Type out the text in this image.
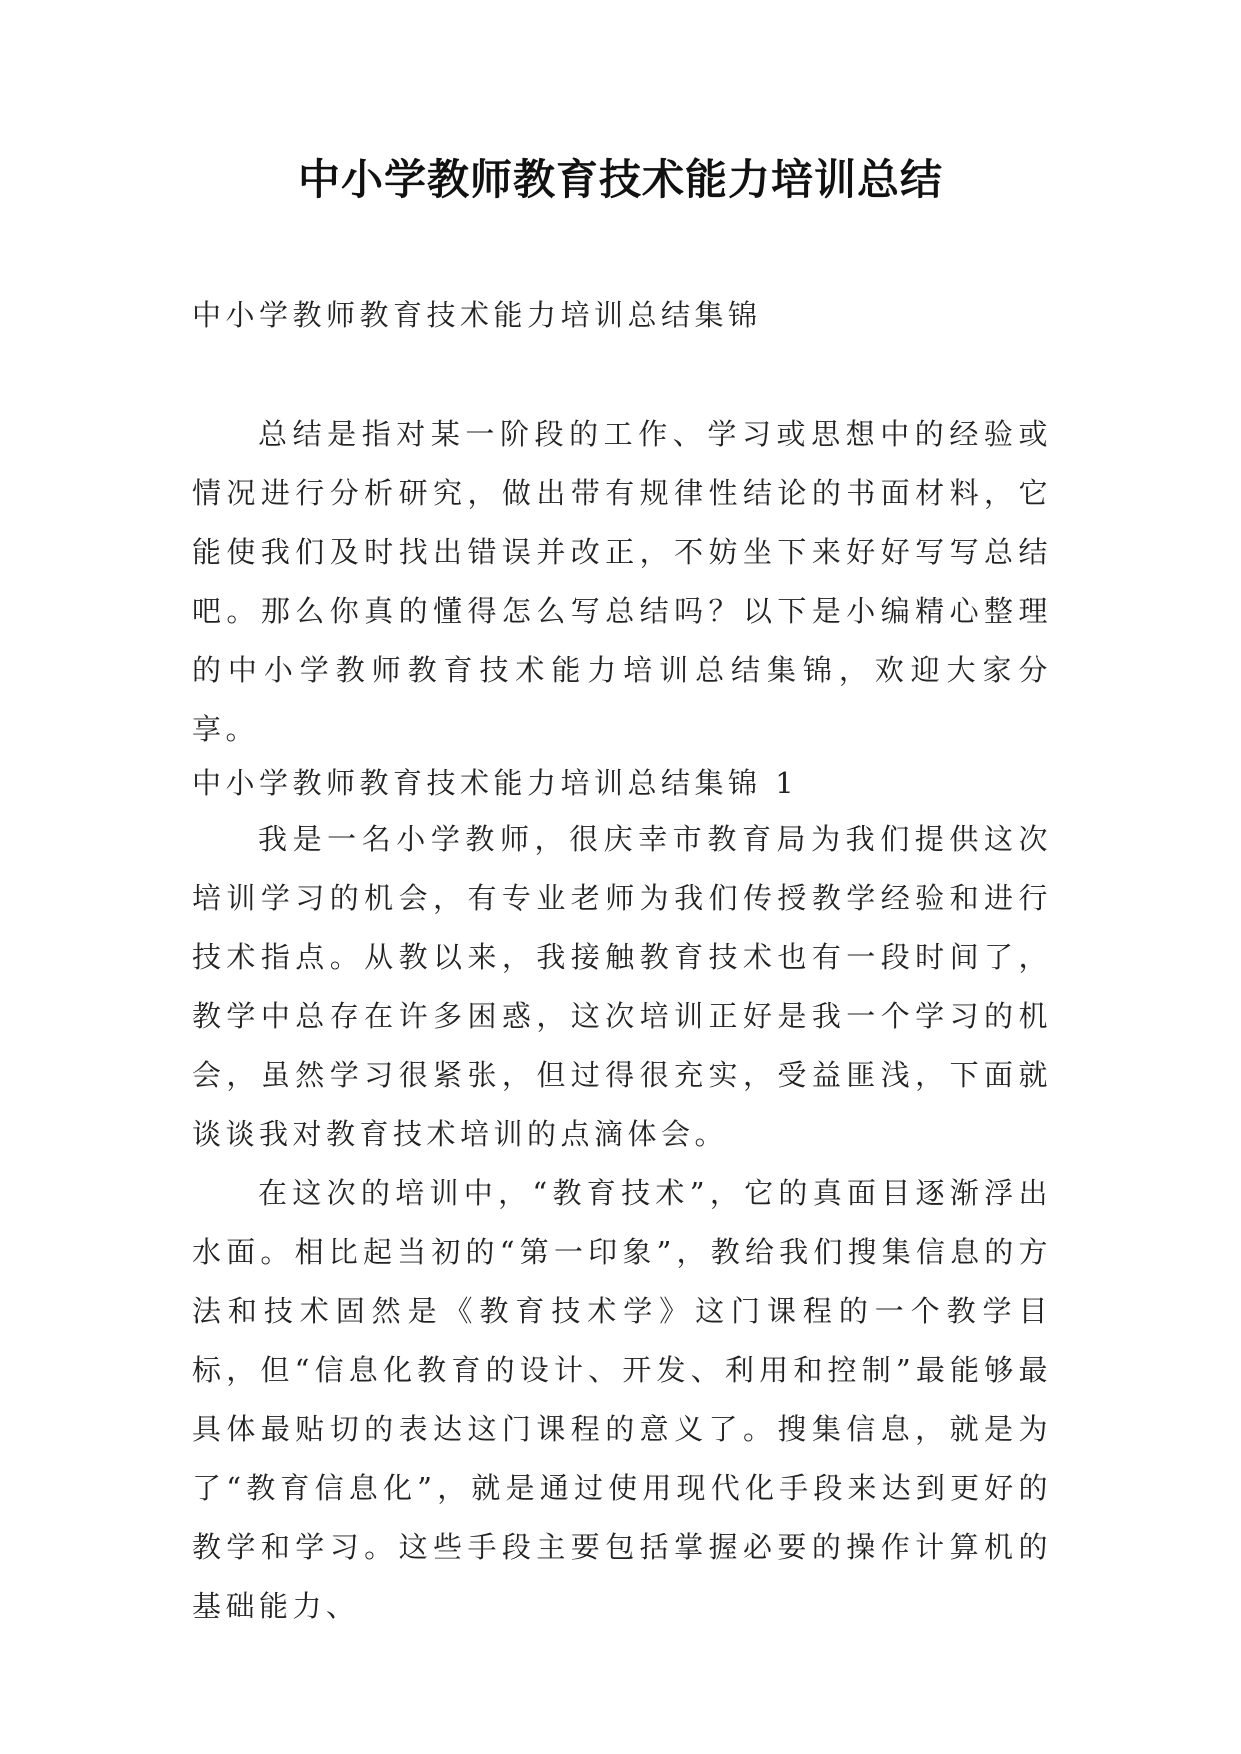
中小学教师教育技术能力培训总结
中小学教师教育技术能力培训总结集锦

总结是指对某一阶段的工作、学习或思想中的经验或情况进行分析研究，做出带有规律性结论的书面材料，它能使我们及时找出错误并改正，不妨坐下来好好写写总结吧。那么你真的懂得怎么写总结吗？以下是小编精心整理的中小学教师教育技术能力培训总结集锦，欢迎大家分享。

中小学教师教育技术能力培训总结集锦 1

我是一名小学教师，很庆幸市教育局为我们提供这次培训学习的机会，有专业老师为我们传授教学经验和进行技术指点。从教以来，我接触教育技术也有一段时间了，教学中总存在许多困惑，这次培训正好是我一个学习的机会，虽然学习很紧张，但过得很充实，受益匪浅，下面就谈谈我对教育技术培训的点滴体会。

在这次的培训中，“教育技术”，它的真面目逐渐浮出水面。相比起当初的“第一印象”，教给我们搜集信息的方法和技术固然是《教育技术学》这门课程的一个教学目标，但“信息化教育的设计、开发、利用和控制”最能够最具体最贴切的表达这门课程的意义了。搜集信息，就是为了“教育信息化”，就是通过使用现代化手段来达到更好的教学和学习。这些手段主要包括掌握必要的操作计算机的基础能力、
